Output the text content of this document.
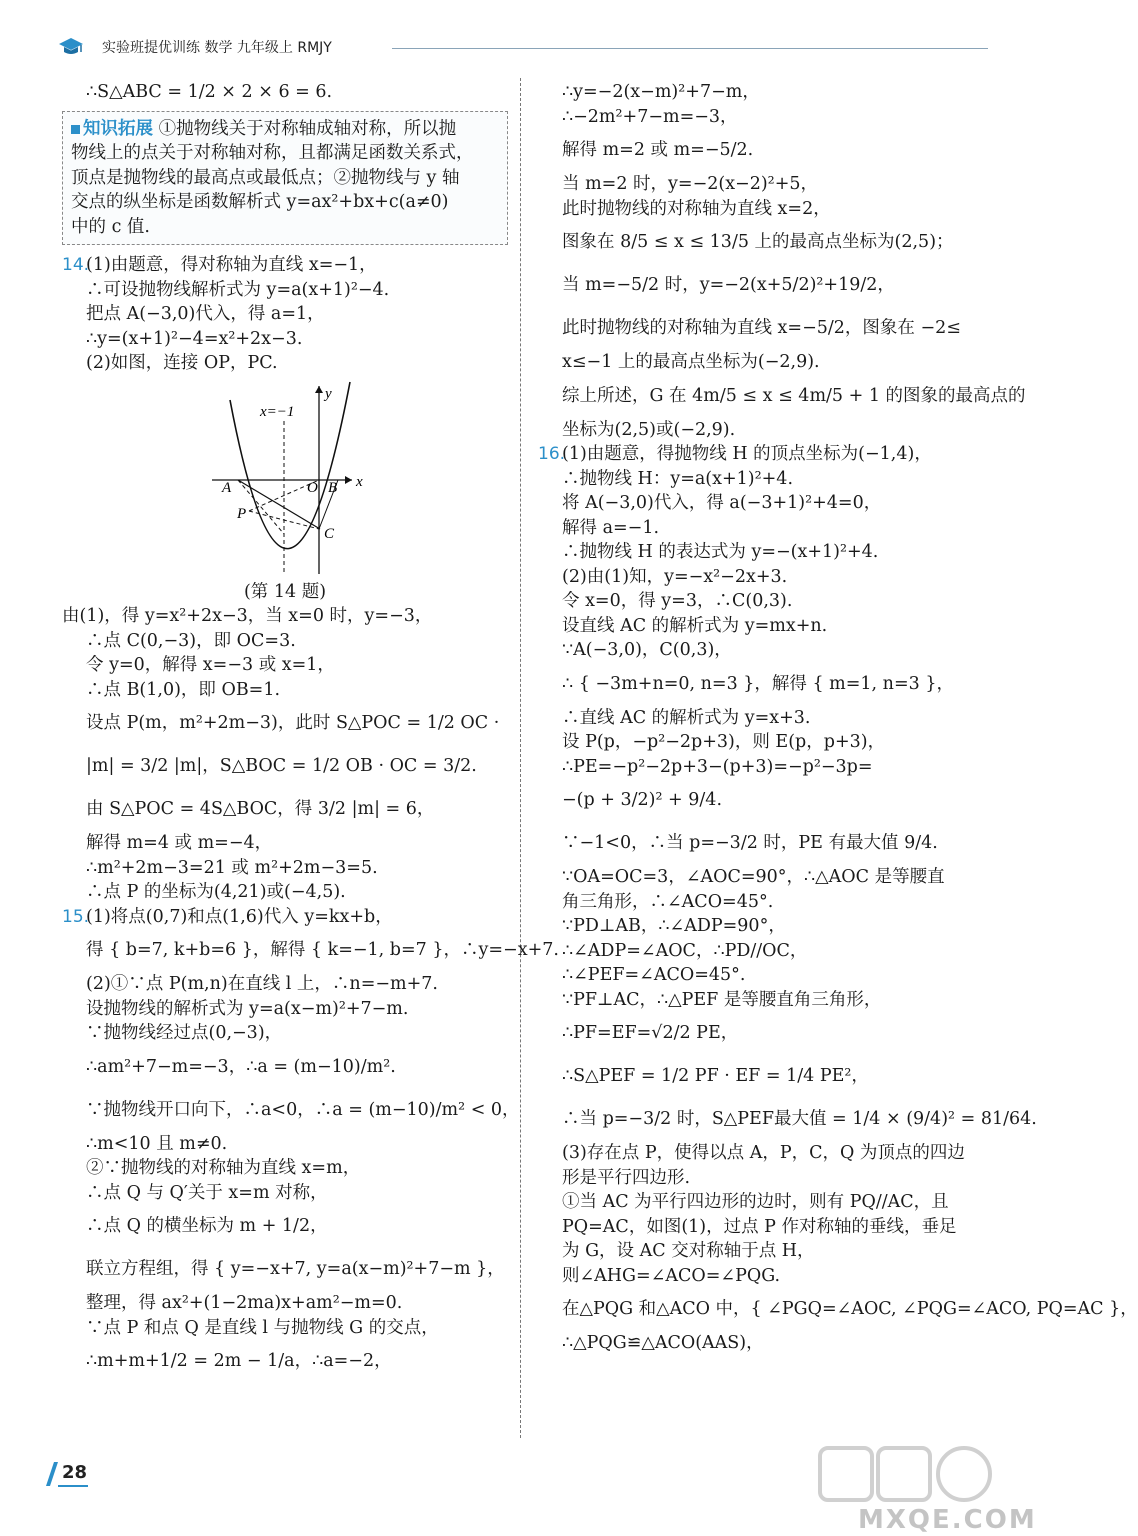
实验班提优训练 数学 九年级上 RMJY
∴S△ABC = 1/2 × 2 × 6 = 6.
知识拓展 ①抛物线关于对称轴成轴对称，所以抛
物线上的点关于对称轴对称，且都满足函数关系式，
顶点是抛物线的最高点或最低点；②抛物线与 y 轴
交点的纵坐标是函数解析式 y=ax²+bx+c(a≠0)
中的 c 值.
14.(1)由题意，得对称轴为直线 x=−1，
∴可设抛物线解析式为 y=a(x+1)²−4.
把点 A(−3,0)代入，得 a=1，
∴y=(x+1)²−4=x²+2x−3.
(2)如图，连接 OP，PC.
x=−1
y
x
A	O B
P
C
(第 14 题)
由(1)，得 y=x²+2x−3，当 x=0 时，y=−3，
∴点 C(0,−3)，即 OC=3.
令 y=0，解得 x=−3 或 x=1，
∴点 B(1,0)，即 OB=1.
设点 P(m，m²+2m−3)，此时 S△POC = 1/2 OC ·
|m| = 3/2 |m|，S△BOC = 1/2 OB · OC = 3/2.
由 S△POC = 4S△BOC，得 3/2 |m| = 6，
解得 m=4 或 m=−4，
∴m²+2m−3=21 或 m²+2m−3=5.
∴点 P 的坐标为(4,21)或(−4,5).
15.(1)将点(0,7)和点(1,6)代入 y=kx+b，
得 { b=7, k+b=6 }，解得 { k=−1, b=7 }，∴y=−x+7.
(2)①∵点 P(m,n)在直线 l 上，∴n=−m+7.
设抛物线的解析式为 y=a(x−m)²+7−m.
∵抛物线经过点(0,−3)，
∴am²+7−m=−3，∴a = (m−10)/m².
∵抛物线开口向下，∴a<0，∴a = (m−10)/m² < 0，
∴m<10 且 m≠0.
②∵抛物线的对称轴为直线 x=m，
∴点 Q 与 Q′关于 x=m 对称，
∴点 Q 的横坐标为 m + 1/2，
联立方程组，得 { y=−x+7, y=a(x−m)²+7−m }，
整理，得 ax²+(1−2ma)x+am²−m=0.
∵点 P 和点 Q 是直线 l 与抛物线 G 的交点，
∴m+m+1/2 = 2m − 1/a，∴a=−2，
∴y=−2(x−m)²+7−m，
∴−2m²+7−m=−3，
解得 m=2 或 m=−5/2.
当 m=2 时，y=−2(x−2)²+5，
此时抛物线的对称轴为直线 x=2，
图象在 8/5 ≤ x ≤ 13/5 上的最高点坐标为(2,5)；
当 m=−5/2 时，y=−2(x+5/2)²+19/2，
此时抛物线的对称轴为直线 x=−5/2，图象在 −2≤
x≤−1 上的最高点坐标为(−2,9).
综上所述，G 在 4m/5 ≤ x ≤ 4m/5 + 1 的图象的最高点的
坐标为(2,5)或(−2,9).
16.(1)由题意，得抛物线 H 的顶点坐标为(−1,4)，
∴抛物线 H：y=a(x+1)²+4.
将 A(−3,0)代入，得 a(−3+1)²+4=0，
解得 a=−1.
∴抛物线 H 的表达式为 y=−(x+1)²+4.
(2)由(1)知，y=−x²−2x+3.
令 x=0，得 y=3，∴C(0,3).
设直线 AC 的解析式为 y=mx+n.
∵A(−3,0)，C(0,3)，
∴ { −3m+n=0, n=3 }，解得 { m=1, n=3 }，
∴直线 AC 的解析式为 y=x+3.
设 P(p，−p²−2p+3)，则 E(p，p+3)，
∴PE=−p²−2p+3−(p+3)=−p²−3p=
−(p + 3/2)² + 9/4.
∵−1<0，∴当 p=−3/2 时，PE 有最大值 9/4.
∵OA=OC=3，∠AOC=90°，∴△AOC 是等腰直
角三角形，∴∠ACO=45°.
∵PD⊥AB，∴∠ADP=90°，
∴∠ADP=∠AOC，∴PD//OC，
∴∠PEF=∠ACO=45°.
∵PF⊥AC，∴△PEF 是等腰直角三角形，
∴PF=EF=√2/2 PE，
∴S△PEF = 1/2 PF · EF = 1/4 PE²，
∴当 p=−3/2 时，S△PEF最大值 = 1/4 × (9/4)² = 81/64.
(3)存在点 P，使得以点 A，P，C，Q 为顶点的四边
形是平行四边形.
①当 AC 为平行四边形的边时，则有 PQ//AC，且
PQ=AC，如图(1)，过点 P 作对称轴的垂线，垂足
为 G，设 AC 交对称轴于点 H，
则∠AHG=∠ACO=∠PQG.
在△PQG 和△ACO 中，{ ∠PGQ=∠AOC, ∠PQG=∠ACO, PQ=AC }，
∴△PQG≌△ACO(AAS)，
28
MXQE.COM
